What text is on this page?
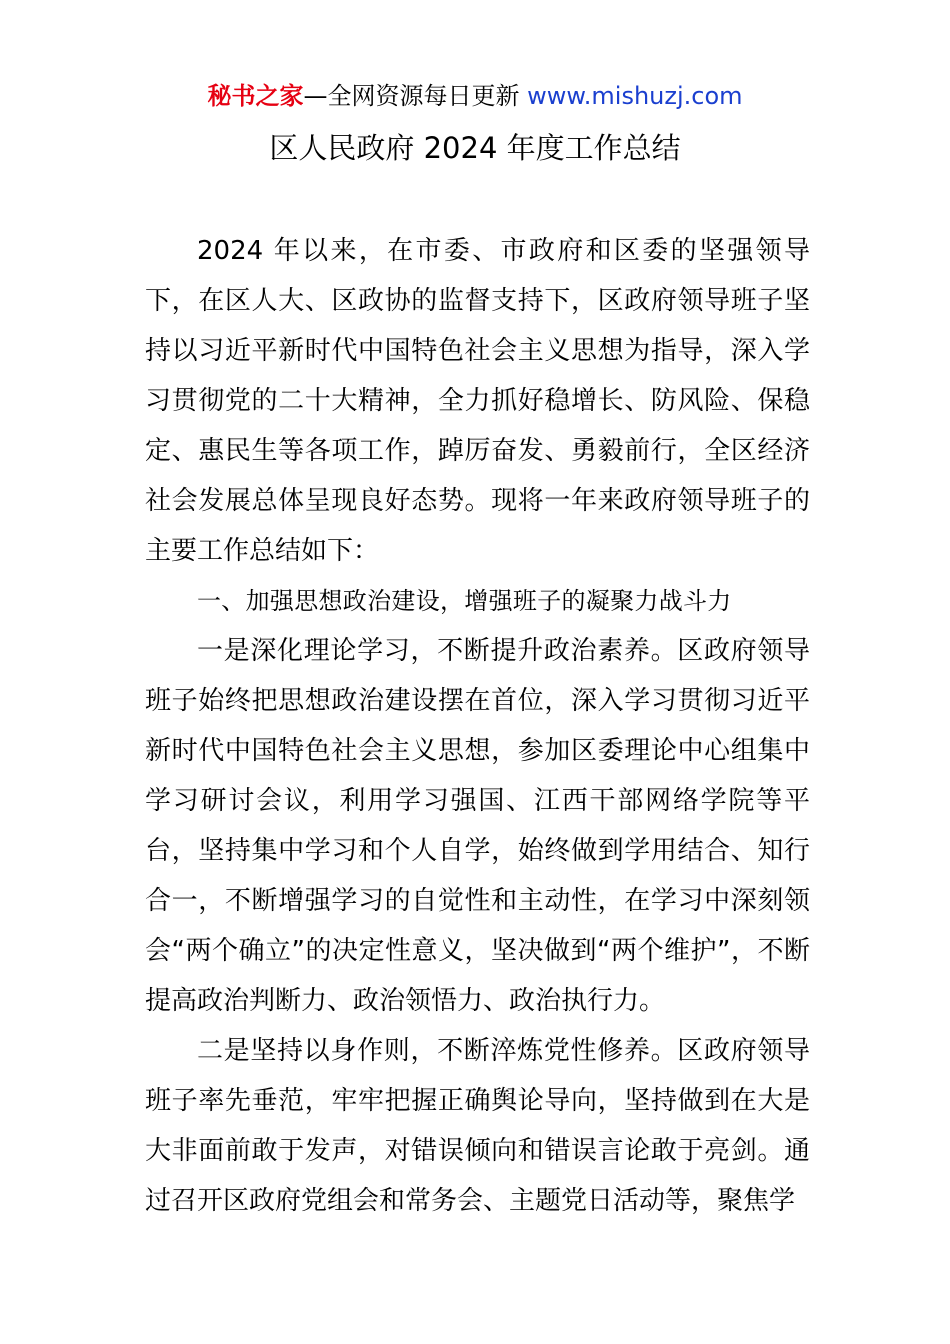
秘书之家—全网资源每日更新 www.mishuzj.com
区人民政府 2024 年度工作总结

2024 年以来，在市委、市政府和区委的坚强领导下，在区人大、区政协的监督支持下，区政府领导班子坚持以习近平新时代中国特色社会主义思想为指导，深入学习贯彻党的二十大精神，全力抓好稳增长、防风险、保稳定、惠民生等各项工作，踔厉奋发、勇毅前行，全区经济社会发展总体呈现良好态势。现将一年来政府领导班子的主要工作总结如下：

一、加强思想政治建设，增强班子的凝聚力战斗力

一是深化理论学习，不断提升政治素养。区政府领导班子始终把思想政治建设摆在首位，深入学习贯彻习近平新时代中国特色社会主义思想，参加区委理论中心组集中学习研讨会议，利用学习强国、江西干部网络学院等平台，坚持集中学习和个人自学，始终做到学用结合、知行合一，不断增强学习的自觉性和主动性，在学习中深刻领会“两个确立”的决定性意义，坚决做到“两个维护”，不断提高政治判断力、政治领悟力、政治执行力。

二是坚持以身作则，不断淬炼党性修养。区政府领导班子率先垂范，牢牢把握正确舆论导向，坚持做到在大是大非面前敢于发声，对错误倾向和错误言论敢于亮剑。通过召开区政府党组会和常务会、主题党日活动等，聚焦学
